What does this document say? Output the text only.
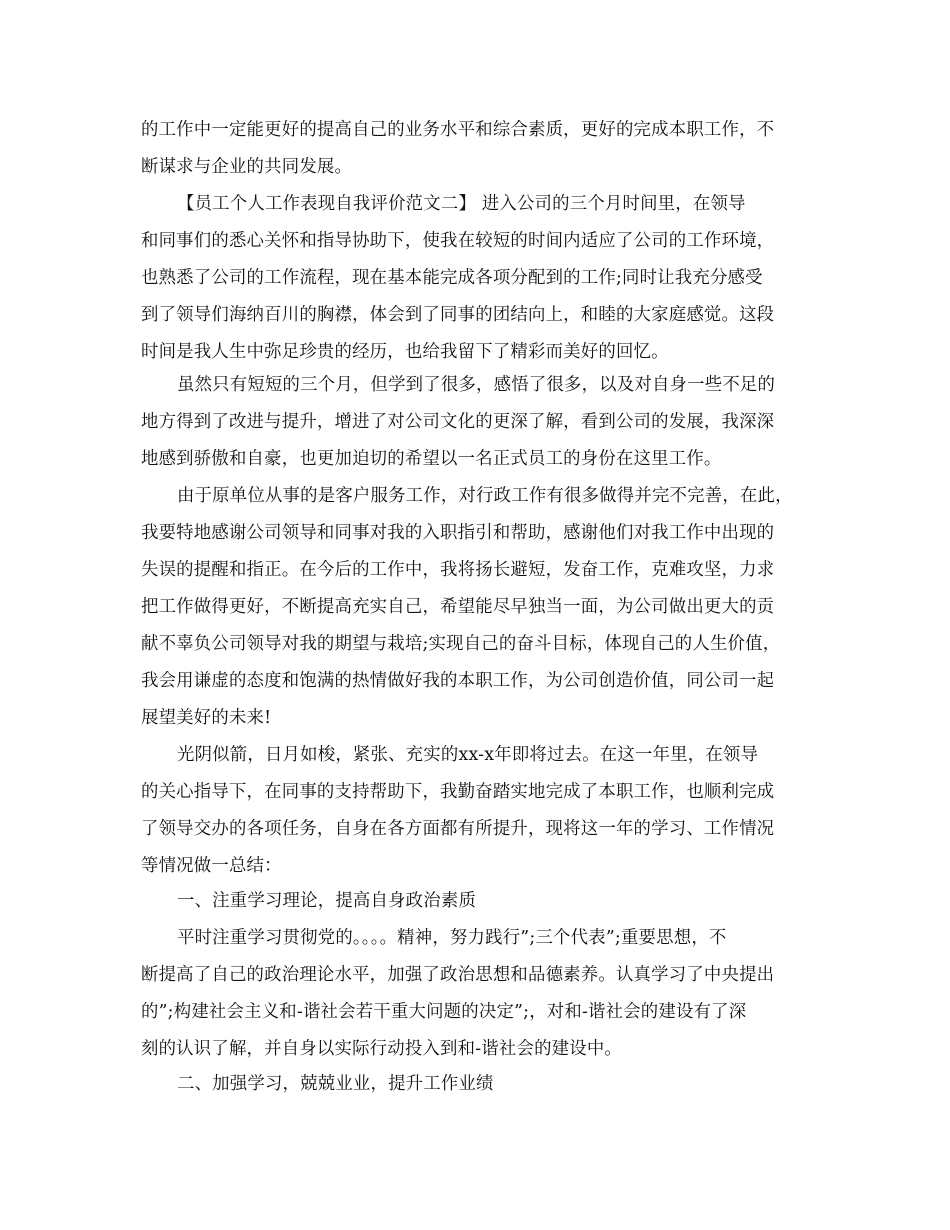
的工作中一定能更好的提高自己的业务水平和综合素质，更好的完成本职工作，不
断谋求与企业的共同发展。
【员工个人工作表现自我评价范文二】 进入公司的三个月时间里，在领导
和同事们的悉心关怀和指导协助下，使我在较短的时间内适应了公司的工作环境，
也熟悉了公司的工作流程，现在基本能完成各项分配到的工作;同时让我充分感受
到了领导们海纳百川的胸襟，体会到了同事的团结向上，和睦的大家庭感觉。这段
时间是我人生中弥足珍贵的经历，也给我留下了精彩而美好的回忆。
虽然只有短短的三个月，但学到了很多，感悟了很多，以及对自身一些不足的
地方得到了改进与提升，增进了对公司文化的更深了解，看到公司的发展，我深深
地感到骄傲和自豪，也更加迫切的希望以一名正式员工的身份在这里工作。
由于原单位从事的是客户服务工作，对行政工作有很多做得并完不完善，在此，
我要特地感谢公司领导和同事对我的入职指引和帮助，感谢他们对我工作中出现的
失误的提醒和指正。在今后的工作中，我将扬长避短，发奋工作，克难攻坚，力求
把工作做得更好，不断提高充实自己，希望能尽早独当一面，为公司做出更大的贡
献不辜负公司领导对我的期望与栽培;实现自己的奋斗目标，体现自己的人生价值，
我会用谦虚的态度和饱满的热情做好我的本职工作，为公司创造价值，同公司一起
展望美好的未来!
光阴似箭，日月如梭，紧张、充实的xx-x年即将过去。在这一年里，在领导
的关心指导下，在同事的支持帮助下，我勤奋踏实地完成了本职工作，也顺利完成
了领导交办的各项任务，自身在各方面都有所提升，现将这一年的学习、工作情况
等情况做一总结：
一、注重学习理论，提高自身政治素质
平时注重学习贯彻党的。。。。精神，努力践行”;三个代表”;重要思想，不
断提高了自己的政治理论水平，加强了政治思想和品德素养。认真学习了中央提出
的”;构建社会主义和-谐社会若干重大问题的决定”;，对和-谐社会的建设有了深
刻的认识了解，并自身以实际行动投入到和-谐社会的建设中。
二、加强学习，兢兢业业，提升工作业绩
